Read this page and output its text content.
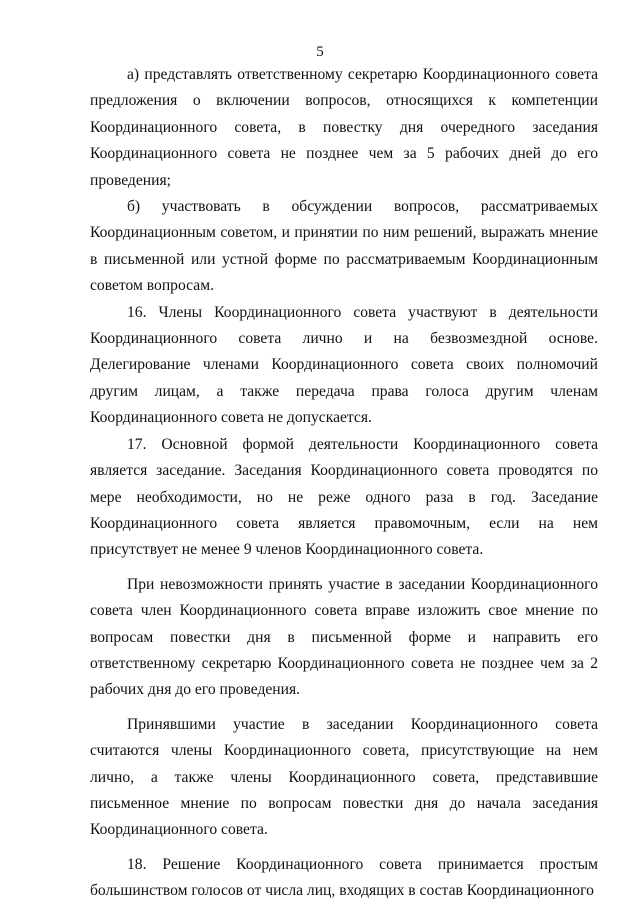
5

а) представлять ответственному секретарю Координационного совета предложения о включении вопросов, относящихся к компетенции Координационного совета, в повестку дня очередного заседания Координационного совета не позднее чем за 5 рабочих дней до его проведения;

б) участвовать в обсуждении вопросов, рассматриваемых Координационным советом, и принятии по ним решений, выражать мнение в письменной или устной форме по рассматриваемым Координационным советом вопросам.

16. Члены Координационного совета участвуют в деятельности Координационного совета лично и на безвозмездной основе. Делегирование членами Координационного совета своих полномочий другим лицам, а также передача права голоса другим членам Координационного совета не допускается.

17. Основной формой деятельности Координационного совета является заседание. Заседания Координационного совета проводятся по мере необходимости, но не реже одного раза в год. Заседание Координационного совета является правомочным, если на нем присутствует не менее 9 членов Координационного совета.

При невозможности принять участие в заседании Координационного совета член Координационного совета вправе изложить свое мнение по вопросам повестки дня в письменной форме и направить его ответственному секретарю Координационного совета не позднее чем за 2 рабочих дня до его проведения.

Принявшими участие в заседании Координационного совета считаются члены Координационного совета, присутствующие на нем лично, а также члены Координационного совета, представившие письменное мнение по вопросам повестки дня до начала заседания Координационного совета.

18. Решение Координационного совета принимается простым большинством голосов от числа лиц, входящих в состав Координационного
